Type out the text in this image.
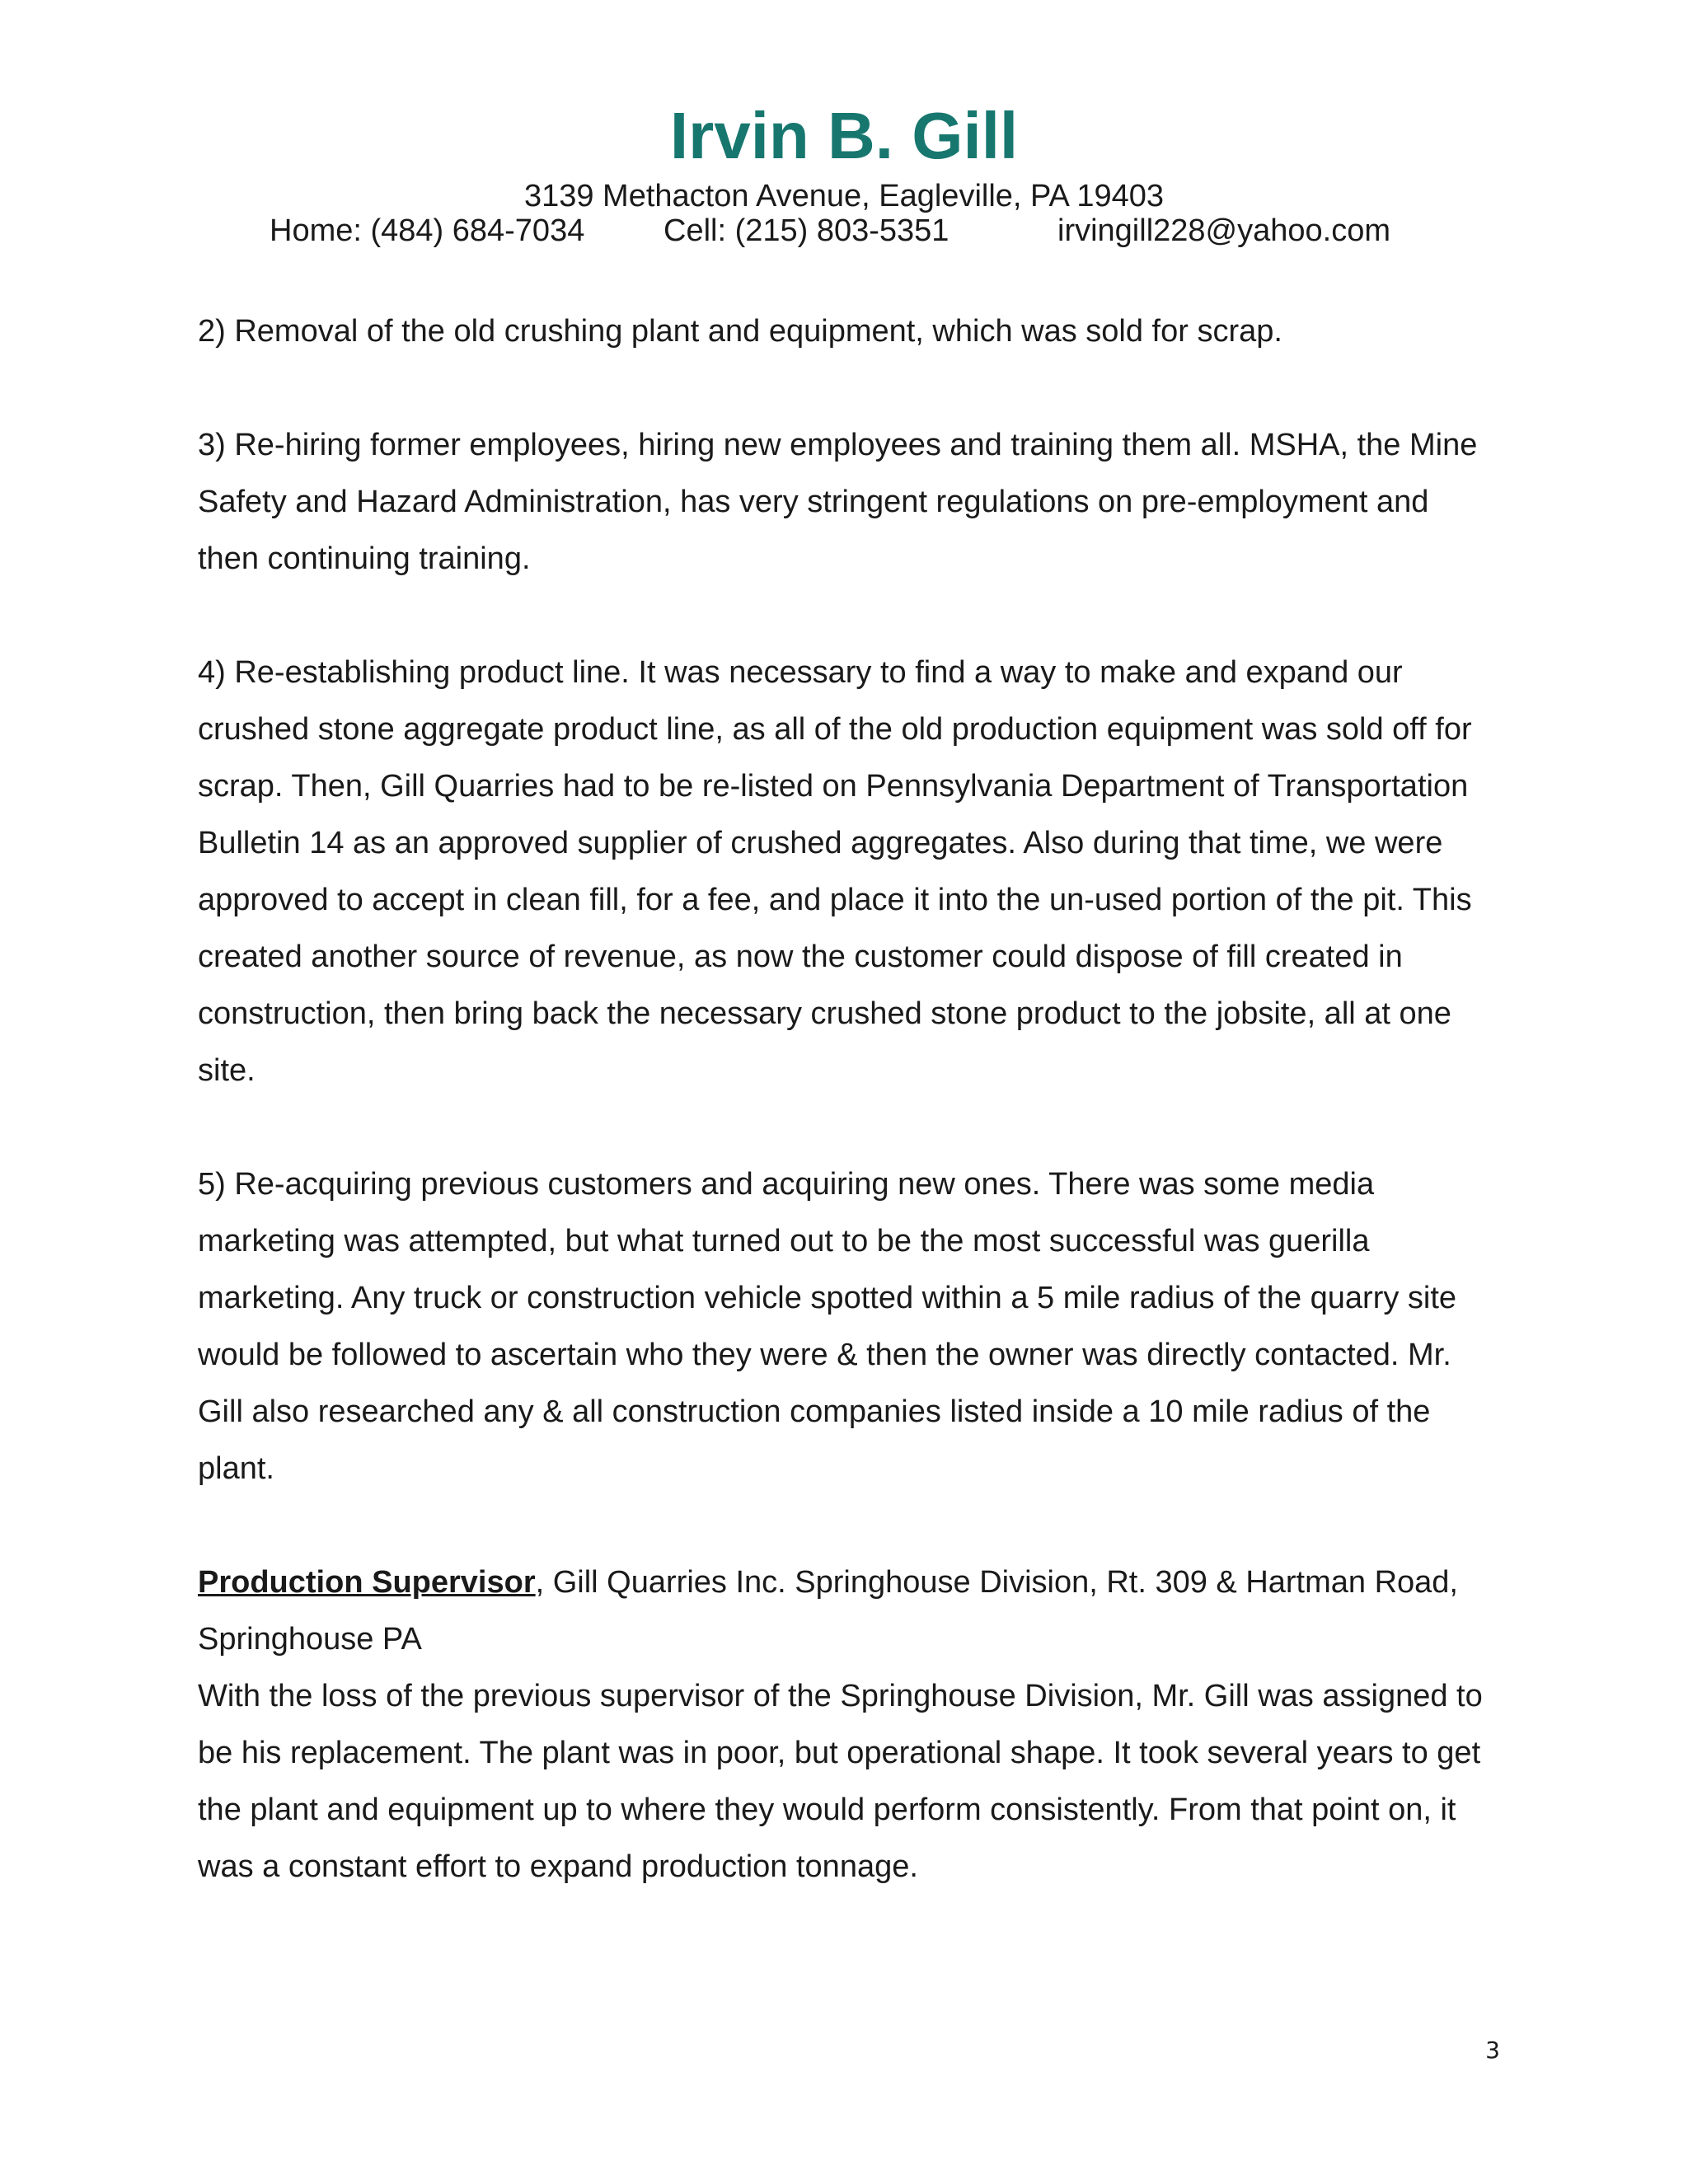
Irvin B. Gill
3139 Methacton Avenue, Eagleville, PA 19403
Home: (484) 684-7034	Cell: (215) 803-5351	irvingill228@yahoo.com

2) Removal of the old crushing plant and equipment, which was sold for scrap.

3) Re-hiring former employees, hiring new employees and training them all. MSHA, the Mine Safety and Hazard Administration, has very stringent regulations on pre-employment and then continuing training.

4) Re-establishing product line. It was necessary to find a way to make and expand our crushed stone aggregate product line, as all of the old production equipment was sold off for scrap. Then, Gill Quarries had to be re-listed on Pennsylvania Department of Transportation Bulletin 14 as an approved supplier of crushed aggregates. Also during that time, we were approved to accept in clean fill, for a fee, and place it into the un-used portion of the pit. This created another source of revenue, as now the customer could dispose of fill created in construction, then bring back the necessary crushed stone product to the jobsite, all at one site.

5) Re-acquiring previous customers and acquiring new ones. There was some media marketing was attempted, but what turned out to be the most successful was guerilla marketing. Any truck or construction vehicle spotted within a 5 mile radius of the quarry site would be followed to ascertain who they were & then the owner was directly contacted. Mr. Gill also researched any & all construction companies listed inside a 10 mile radius of the plant.

Production Supervisor, Gill Quarries Inc. Springhouse Division, Rt. 309 & Hartman Road, Springhouse PA
With the loss of the previous supervisor of the Springhouse Division, Mr. Gill was assigned to be his replacement. The plant was in poor, but operational shape. It took several years to get the plant and equipment up to where they would perform consistently. From that point on, it was a constant effort to expand production tonnage.
3
